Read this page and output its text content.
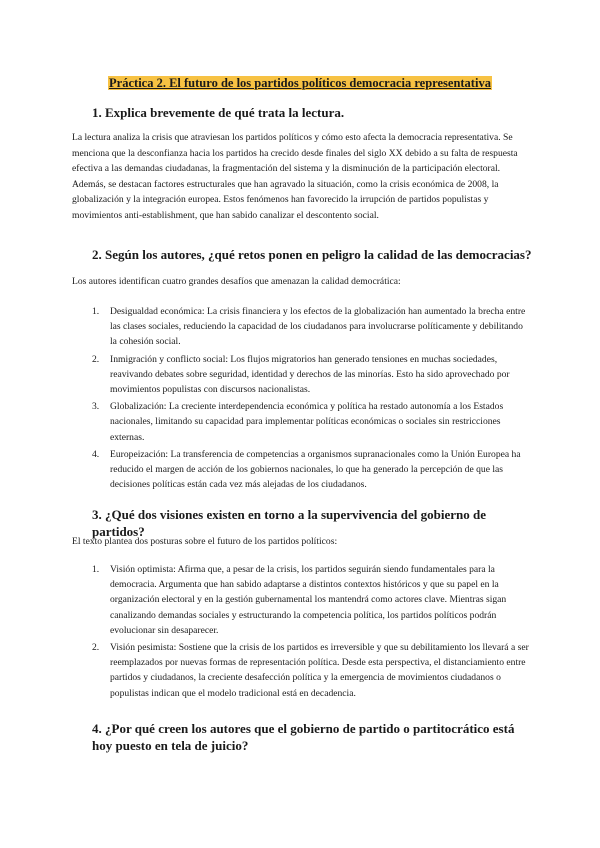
Práctica 2. El futuro de los partidos políticos democracia representativa
1. Explica brevemente de qué trata la lectura.

La lectura analiza la crisis que atraviesan los partidos políticos y cómo esto afecta la democracia representativa. Se menciona que la desconfianza hacia los partidos ha crecido desde finales del siglo XX debido a su falta de respuesta efectiva a las demandas ciudadanas, la fragmentación del sistema y la disminución de la participación electoral. Además, se destacan factores estructurales que han agravado la situación, como la crisis económica de 2008, la globalización y la integración europea. Estos fenómenos han favorecido la irrupción de partidos populistas y movimientos anti-establishment, que han sabido canalizar el descontento social.

2. Según los autores, ¿qué retos ponen en peligro la calidad de las democracias?

Los autores identifican cuatro grandes desafíos que amenazan la calidad democrática:

1. Desigualdad económica: La crisis financiera y los efectos de la globalización han aumentado la brecha entre las clases sociales, reduciendo la capacidad de los ciudadanos para involucrarse políticamente y debilitando la cohesión social.
2. Inmigración y conflicto social: Los flujos migratorios han generado tensiones en muchas sociedades, reavivando debates sobre seguridad, identidad y derechos de las minorías. Esto ha sido aprovechado por movimientos populistas con discursos nacionalistas.
3. Globalización: La creciente interdependencia económica y política ha restado autonomía a los Estados nacionales, limitando su capacidad para implementar políticas económicas o sociales sin restricciones externas.
4. Europeización: La transferencia de competencias a organismos supranacionales como la Unión Europea ha reducido el margen de acción de los gobiernos nacionales, lo que ha generado la percepción de que las decisiones políticas están cada vez más alejadas de los ciudadanos.
3. ¿Qué dos visiones existen en torno a la supervivencia del gobierno de partidos?

El texto plantea dos posturas sobre el futuro de los partidos políticos:

1. Visión optimista: Afirma que, a pesar de la crisis, los partidos seguirán siendo fundamentales para la democracia. Argumenta que han sabido adaptarse a distintos contextos históricos y que su papel en la organización electoral y en la gestión gubernamental los mantendrá como actores clave. Mientras sigan canalizando demandas sociales y estructurando la competencia política, los partidos políticos podrán evolucionar sin desaparecer.
2. Visión pesimista: Sostiene que la crisis de los partidos es irreversible y que su debilitamiento los llevará a ser reemplazados por nuevas formas de representación política. Desde esta perspectiva, el distanciamiento entre partidos y ciudadanos, la creciente desafección política y la emergencia de movimientos ciudadanos o populistas indican que el modelo tradicional está en decadencia.
4. ¿Por qué creen los autores que el gobierno de partido o partitocrático está hoy puesto en tela de juicio?
